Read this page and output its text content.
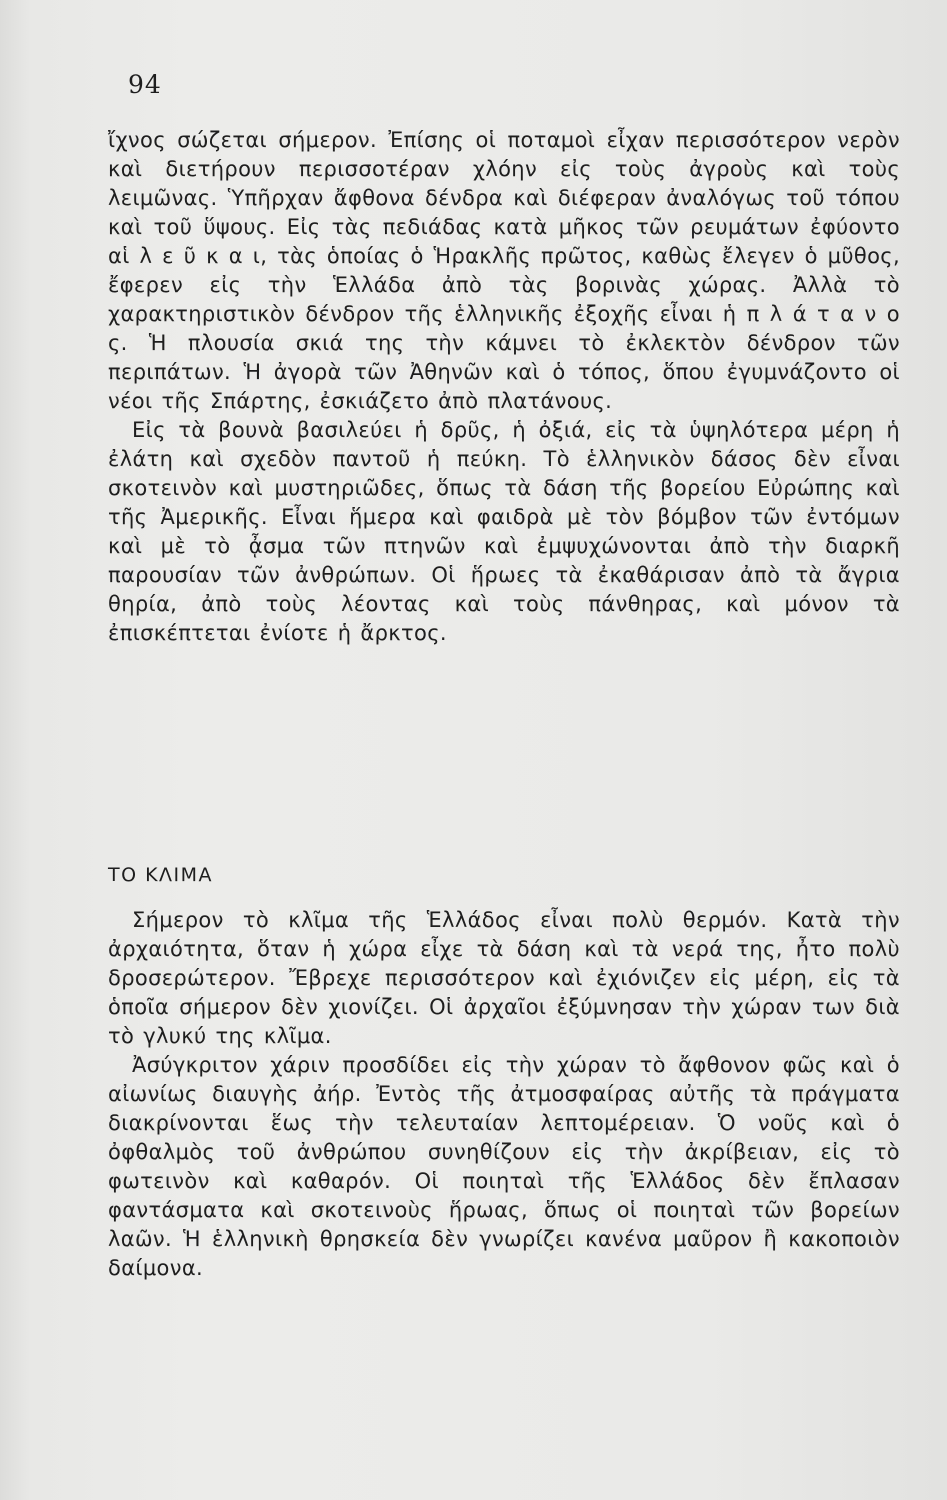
94

ἴχνος σώζεται σήμερον. Ἐπίσης οἱ ποταμοὶ εἶχαν περισσότερον νερὸν καὶ διετήρουν περισσοτέραν χλόην εἰς τοὺς ἀγροὺς καὶ τοὺς λειμῶνας. Ὑπῆρχαν ἄφθονα δένδρα καὶ διέφεραν ἀναλόγως τοῦ τόπου καὶ τοῦ ὕψους. Εἰς τὰς πεδιάδας κατὰ μῆκος τῶν ρευμάτων ἐφύοντο αἱ λ ε ῦ κ α ι, τὰς ὁποίας ὁ Ἡρακλῆς πρῶτος, καθὼς ἔλεγεν ὁ μῦθος, ἔφερεν εἰς τὴν Ἑλλάδα ἀπὸ τὰς βορινὰς χώρας. Ἀλλὰ τὸ χαρακτηριστικὸν δένδρον τῆς ἑλληνικῆς ἐξοχῆς εἶναι ἡ π λ ά τ α ν ο ς. Ἡ πλουσία σκιά της τὴν κάμνει τὸ ἐκλεκτὸν δένδρον τῶν περιπάτων. Ἡ ἀγορὰ τῶν Ἀθηνῶν καὶ ὁ τόπος, ὅπου ἐγυμνάζοντο οἱ νέοι τῆς Σπάρτης, ἐσκιάζετο ἀπὸ πλατάνους.

Εἰς τὰ βουνὰ βασιλεύει ἡ δρῦς, ἡ ὀξιά, εἰς τὰ ὑψηλότερα μέρη ἡ ἐλάτη καὶ σχεδὸν παντοῦ ἡ πεύκη. Τὸ ἑλληνικὸν δάσος δὲν εἶναι σκοτεινὸν καὶ μυστηριῶδες, ὅπως τὰ δάση τῆς βορείου Εὐρώπης καὶ τῆς Ἀμερικῆς. Εἶναι ἥμερα καὶ φαιδρὰ μὲ τὸν βόμβον τῶν ἐντόμων καὶ μὲ τὸ ᾆσμα τῶν πτηνῶν καὶ ἐμψυχώνονται ἀπὸ τὴν διαρκῆ παρουσίαν τῶν ἀνθρώπων. Οἱ ἥρωες τὰ ἐκαθάρισαν ἀπὸ τὰ ἄγρια θηρία, ἀπὸ τοὺς λέοντας καὶ τοὺς πάνθηρας, καὶ μόνον τὰ ἐπισκέπτεται ἐνίοτε ἡ ἄρκτος.

ΤΟ ΚΛΙΜΑ

Σήμερον τὸ κλῖμα τῆς Ἑλλάδος εἶναι πολὺ θερμόν. Κατὰ τὴν ἀρχαιότητα, ὅταν ἡ χώρα εἶχε τὰ δάση καὶ τὰ νερά της, ἦτο πολὺ δροσερώτερον. Ἔβρεχε περισσότερον καὶ ἐχιόνιζεν εἰς μέρη, εἰς τὰ ὁποῖα σήμερον δὲν χιονίζει. Οἱ ἀρχαῖοι ἐξύμνησαν τὴν χώραν των διὰ τὸ γλυκύ της κλῖμα.

Ἀσύγκριτον χάριν προσδίδει εἰς τὴν χώραν τὸ ἄφθονον φῶς καὶ ὁ αἰωνίως διαυγὴς ἀήρ. Ἐντὸς τῆς ἀτμοσφαίρας αὐτῆς τὰ πράγματα διακρίνονται ἕως τὴν τελευταίαν λεπτομέρειαν. Ὁ νοῦς καὶ ὁ ὀφθαλμὸς τοῦ ἀνθρώπου συνηθίζουν εἰς τὴν ἀκρίβειαν, εἰς τὸ φωτεινὸν καὶ καθαρόν. Οἱ ποιηταὶ τῆς Ἑλλάδος δὲν ἔπλασαν φαντάσματα καὶ σκοτεινοὺς ἥρωας, ὅπως οἱ ποιηταὶ τῶν βορείων λαῶν. Ἡ ἑλληνικὴ θρησκεία δὲν γνωρίζει κανένα μαῦρον ἢ κακοποιὸν δαίμονα.
